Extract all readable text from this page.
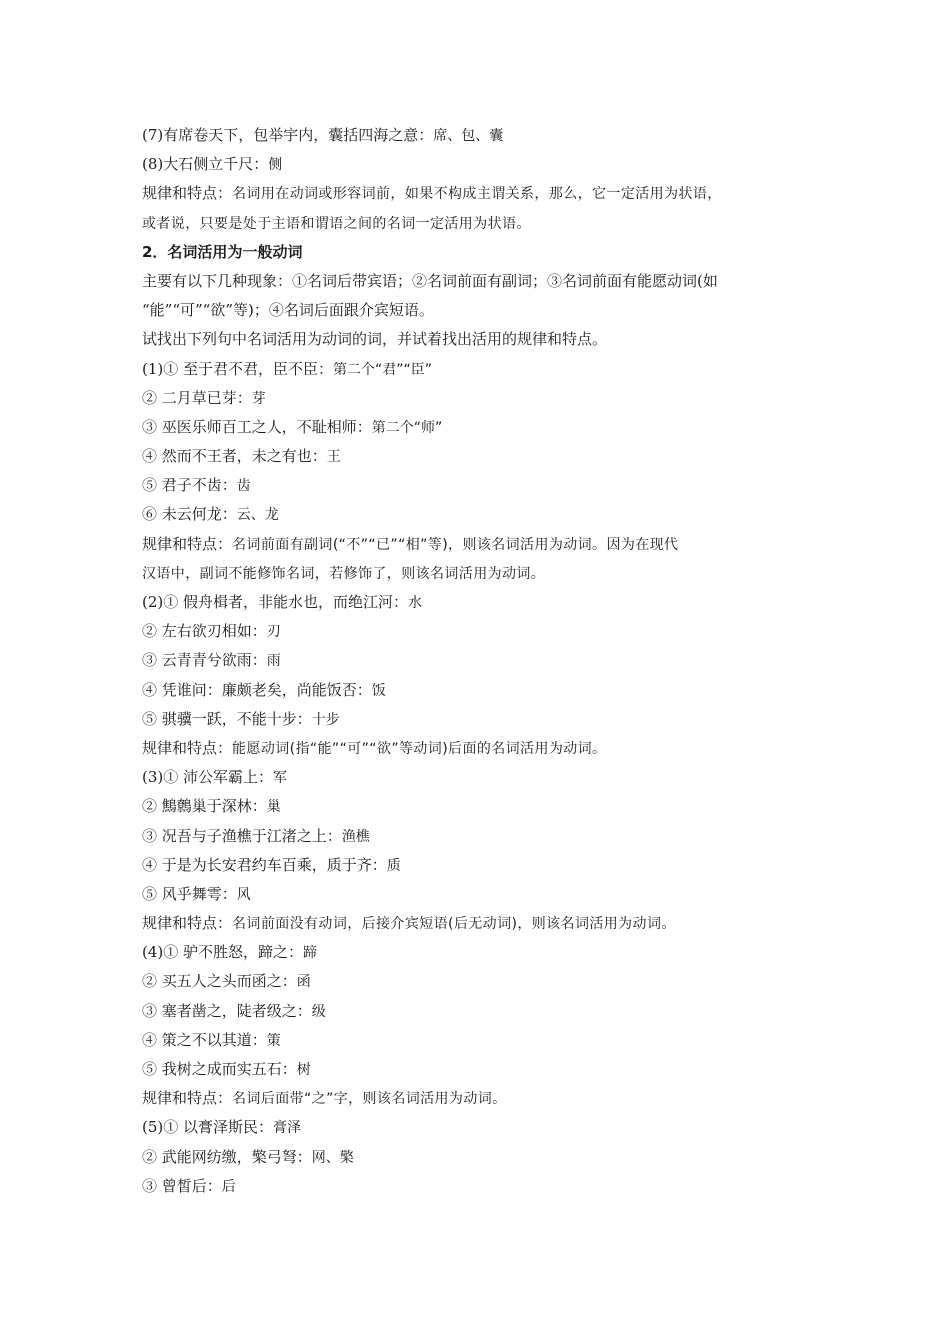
(7)有席卷天下，包举宇内，囊括四海之意：席、包、囊
(8)大石侧立千尺：侧
规律和特点：名词用在动词或形容词前，如果不构成主谓关系，那么，它一定活用为状语，
或者说，只要是处于主语和谓语之间的名词一定活用为状语。
2．名词活用为一般动词
主要有以下几种现象：①名词后带宾语；②名词前面有副词；③名词前面有能愿动词(如
“能”“可”“欲”等)；④名词后面跟介宾短语。
试找出下列句中名词活用为动词的词，并试着找出活用的规律和特点。
(1)① 至于君不君，臣不臣：第二个“君”“臣”
② 二月草已芽：芽
③ 巫医乐师百工之人，不耻相师：第二个“师”
④ 然而不王者，未之有也：王
⑤ 君子不齿：齿
⑥ 未云何龙：云、龙
规律和特点：名词前面有副词(“不”“已”“相”等)，则该名词活用为动词。因为在现代
汉语中，副词不能修饰名词，若修饰了，则该名词活用为动词。
(2)① 假舟楫者，非能水也，而绝江河：水
② 左右欲刃相如：刃
③ 云青青兮欲雨：雨
④ 凭谁问：廉颇老矣，尚能饭否：饭
⑤ 骐骥一跃，不能十步：十步
规律和特点：能愿动词(指“能”“可”“欲”等动词)后面的名词活用为动词。
(3)① 沛公军霸上：军
② 鷦鷯巢于深林：巢
③ 况吾与子渔樵于江渚之上：渔樵
④ 于是为长安君约车百乘，质于齐：质
⑤ 风乎舞雩：风
规律和特点：名词前面没有动词，后接介宾短语(后无动词)，则该名词活用为动词。
(4)① 驴不胜怒，蹄之：蹄
② 买五人之头而函之：函
③ 塞者凿之，陡者级之：级
④ 策之不以其道：策
⑤ 我树之成而实五石：树
规律和特点：名词后面带“之”字，则该名词活用为动词。
(5)① 以膏泽斯民：膏泽
② 武能网纺缴，檠弓弩：网、檠
③ 曾皙后：后
